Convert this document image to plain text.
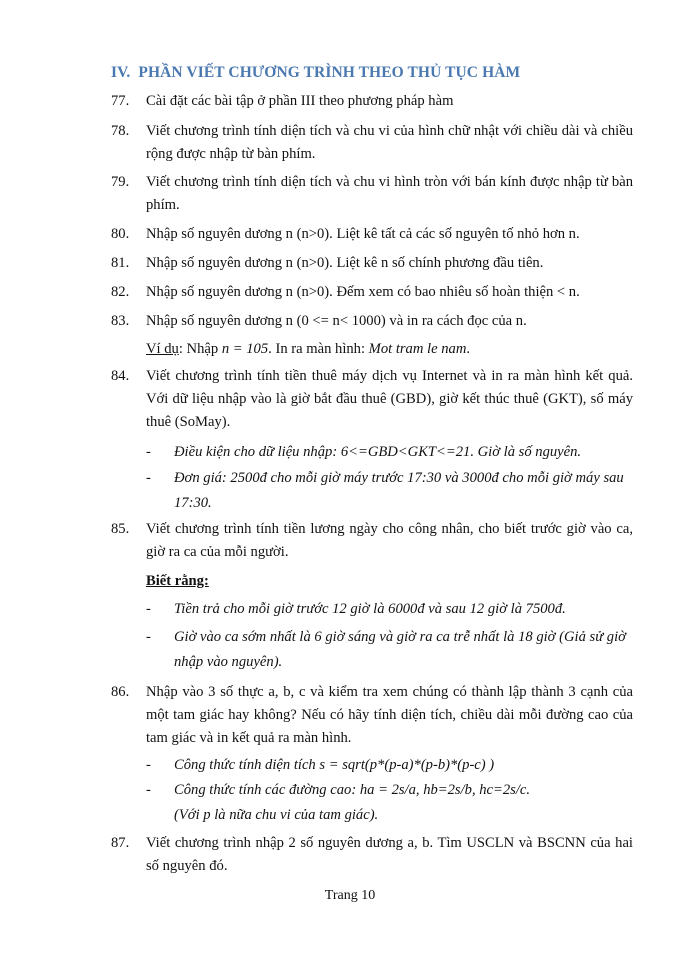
IV. PHẦN VIẾT CHƯƠNG TRÌNH THEO THỦ TỤC HÀM
77. Cài đặt các bài tập ở phần III theo phương pháp hàm
78. Viết chương trình tính diện tích và chu vi của hình chữ nhật với chiều dài và chiều rộng được nhập từ bàn phím.
79. Viết chương trình tính diện tích và chu vi hình tròn với bán kính được nhập từ bàn phím.
80. Nhập số nguyên dương n (n>0). Liệt kê tất cả các số nguyên tố nhỏ hơn n.
81. Nhập số nguyên dương n (n>0). Liệt kê n số chính phương đầu tiên.
82. Nhập số nguyên dương n (n>0). Đếm xem có bao nhiêu số hoàn thiện < n.
83. Nhập số nguyên dương n (0 <= n< 1000) và in ra cách đọc của n.
Ví dụ: Nhập n = 105. In ra màn hình: Mot tram le nam.
84. Viết chương trình tính tiền thuê máy dịch vụ Internet và in ra màn hình kết quả. Với dữ liệu nhập vào là giờ bắt đầu thuê (GBD), giờ kết thúc thuê (GKT), số máy thuê (SoMay).
- Điều kiện cho dữ liệu nhập: 6<=GBD<GKT<=21. Giờ là số nguyên.
- Đơn giá: 2500đ cho mỗi giờ máy trước 17:30 và 3000đ cho mỗi giờ máy sau 17:30.
85. Viết chương trình tính tiền lương ngày cho công nhân, cho biết trước giờ vào ca, giờ ra ca của mỗi người.
Biết rằng:
- Tiền trả cho mỗi giờ trước 12 giờ là 6000đ và sau 12 giờ là 7500đ.
- Giờ vào ca sớm nhất là 6 giờ sáng và giờ ra ca trễ nhất là 18 giờ (Giả sử giờ nhập vào nguyên).
86. Nhập vào 3 số thực a, b, c và kiểm tra xem chúng có thành lập thành 3 cạnh của một tam giác hay không? Nếu có hãy tính diện tích, chiều dài mỗi đường cao của tam giác và in kết quả ra màn hình.
- Công thức tính diện tích s = sqrt(p*(p-a)*(p-b)*(p-c) )
- Công thức tính các đường cao: ha = 2s/a, hb=2s/b, hc=2s/c.
(Với p là nữa chu vi của tam giác).
87. Viết chương trình nhập 2 số nguyên dương a, b. Tìm USCLN và BSCNN của hai số nguyên đó.
Trang 10
